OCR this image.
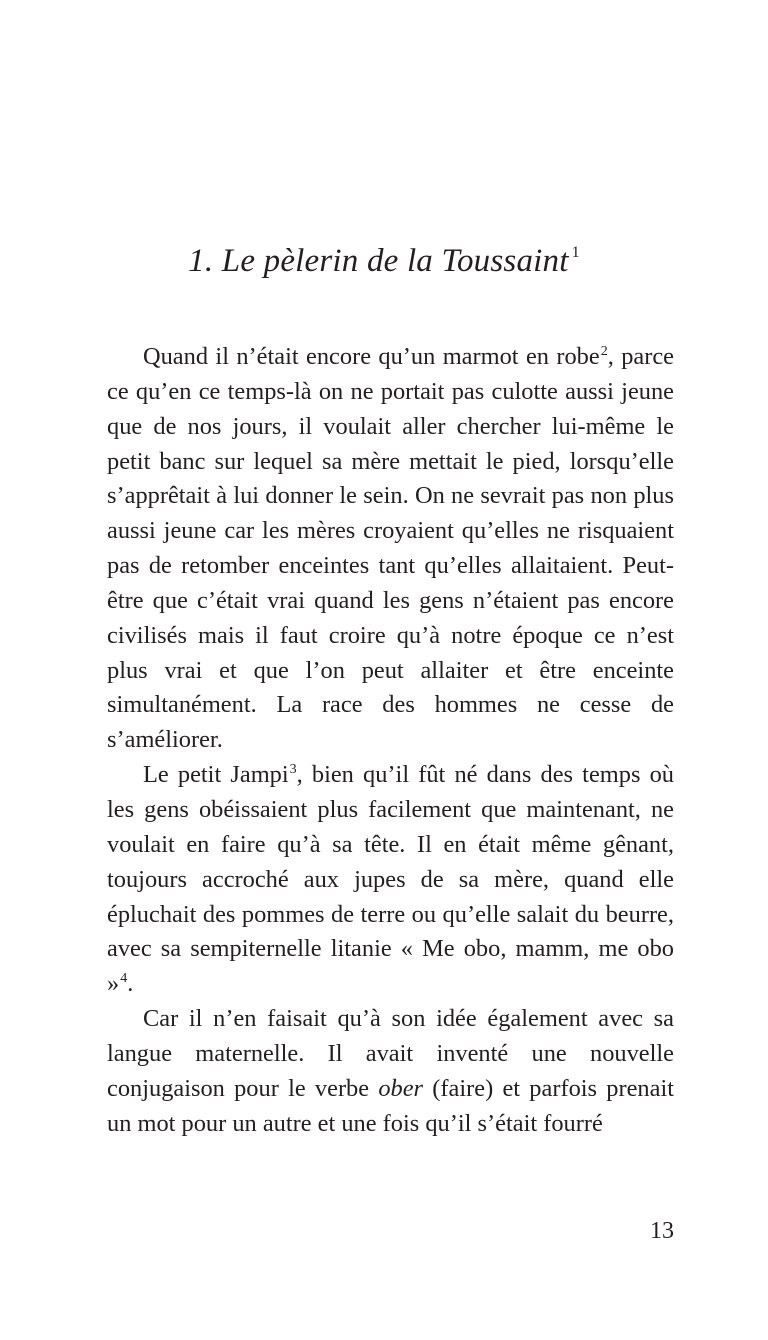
1. Le pèlerin de la Toussaint $^1$

Quand il n’était encore qu’un marmot en robe$^2$, parce ce qu’en ce temps-là on ne portait pas culotte aussi jeune que de nos jours, il voulait aller chercher lui-même le petit banc sur lequel sa mère mettait le pied, lorsqu’elle s’apprêtait à lui donner le sein. On ne sevrait pas non plus aussi jeune car les mères croyaient qu’elles ne risquaient pas de retomber enceintes tant qu’elles allaitaient. Peut-être que c’était vrai quand les gens n’étaient pas encore civilisés mais il faut croire qu’à notre époque ce n’est plus vrai et que l’on peut allaiter et être enceinte simultanément. La race des hommes ne cesse de s’améliorer.

Le petit Jampi$^3$, bien qu’il fût né dans des temps où les gens obéissaient plus facilement que maintenant, ne voulait en faire qu’à sa tête. Il en était même gênant, toujours accroché aux jupes de sa mère, quand elle épluchait des pommes de terre ou qu’elle salait du beurre, avec sa sempiternelle litanie « Me obo, mamm, me obo »$^4$.

Car il n’en faisait qu’à son idée également avec sa langue maternelle. Il avait inventé une nouvelle conjugaison pour le verbe ober (faire) et parfois prenait un mot pour un autre et une fois qu’il s’était fourré

13
